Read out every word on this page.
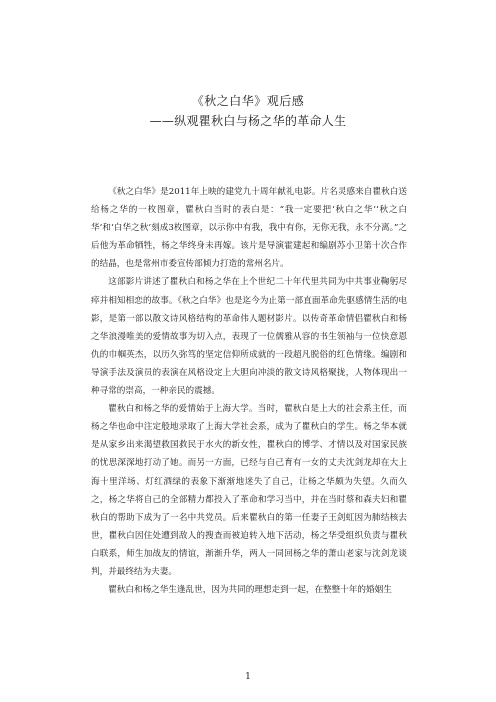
《秋之白华》观后感
——纵观瞿秋白与杨之华的革命人生

《秋之白华》是2011年上映的建党九十周年献礼电影。片名灵感来自瞿秋白送给杨之华的一枚图章，瞿秋白当时的表白是：“我一定要把‘秋白之华’‘秋之白华’和‘白华之秋’刻成3枚图章，以示你中有我，我中有你，无你无我，永不分离。”之后他为革命牺牲，杨之华终身未再嫁。该片是导演霍建起和编剧苏小卫第十次合作的结晶，也是常州市委宣传部倾力打造的常州名片。

这部影片讲述了瞿秋白和杨之华在上个世纪二十年代里共同为中共事业鞠躬尽瘁并相知相恋的故事。《秋之白华》也是迄今为止第一部直面革命先驱感情生活的电影，是第一部以散文诗风格结构的革命伟人题材影片。以传奇革命情侣瞿秋白和杨之华浪漫唯美的爱情故事为切入点，表现了一位儒雅从容的书生领袖与一位快意恩仇的巾帼英杰，以历久弥笃的坚定信仰所成就的一段超凡脱俗的红色情缘。编剧和导演手法及演员的表演在风格设定上大胆向冲淡的散文诗风格聚拢，人物体现出一种寻常的崇高，一种亲民的震撼。

瞿秋白和杨之华的爱情始于上海大学。当时，瞿秋白是上大的社会系主任，而杨之华也命中注定般地录取了上海大学社会系，成为了瞿秋白的学生。杨之华本就是从家乡出来渴望救国救民于水火的新女性，瞿秋白的博学、才情以及对国家民族的忧思深深地打动了她。而另一方面，已经与自己育有一女的丈夫沈剑龙却在大上海十里洋场、灯红酒绿的表象下渐渐地迷失了自己，让杨之华颇为失望。久而久之，杨之华将自己的全部精力都投入了革命和学习当中，并在当时蔡和森夫妇和瞿秋白的帮助下成为了一名中共党员。后来瞿秋白的第一任妻子王剑虹因为肺结核去世，瞿秋白因住处遭到敌人的搜查而被迫转入地下活动，杨之华受组织负责与瞿秋白联系，师生加战友的情谊，渐渐升华，两人一同回杨之华的萧山老家与沈剑龙谈判，并最终结为夫妻。

瞿秋白和杨之华生逢乱世，因为共同的理想走到一起，在整整十年的婚姻生

1
